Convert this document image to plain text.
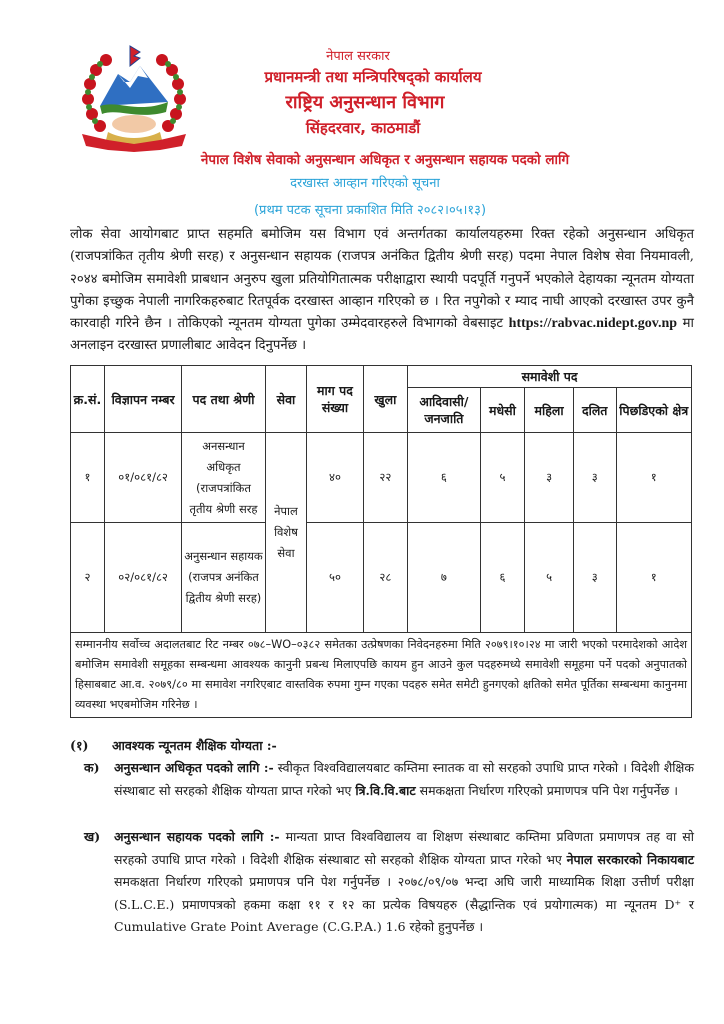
नेपाल सरकार
प्रधानमन्त्री तथा मन्त्रिपरिषद्को कार्यालय
राष्ट्रिय अनुसन्धान विभाग
सिंहदरवार, काठमाडौं
नेपाल विशेष सेवाको अनुसन्धान अधिकृत र अनुसन्धान सहायक पदको लागि
दरखास्त आव्हान गरिएको सूचना
(प्रथम पटक सूचना प्रकाशित मिति २०८२।०५।१३)
लोक सेवा आयोगबाट प्राप्त सहमति बमोजिम यस विभाग एवं अन्तर्गतका कार्यालयहरुमा रिक्त रहेको अनुसन्धान अधिकृत (राजपत्रांकित तृतीय श्रेणी सरह) र अनुसन्धान सहायक (राजपत्र अनंकित द्वितीय श्रेणी सरह) पदमा नेपाल विशेष सेवा नियमावली, २०४४ बमोजिम समावेशी प्राबधान अनुरुप खुला प्रतियोगितात्मक परीक्षाद्वारा स्थायी पदपूर्ति गनुपर्ने भएकोले देहायका न्यूनतम योग्यता पुगेका इच्छुक नेपाली नागरिकहरुबाट रितपूर्वक दरखास्त आव्हान गरिएको छ । रित नपुगेको र म्याद नाघी आएको दरखास्त उपर कुनै कारवाही गरिने छैन । तोकिएको न्यूनतम योग्यता पुगेका उम्मेदवारहरुले विभागको वेबसाइट https://rabvac.nidept.gov.np मा अनलाइन दरखास्त प्रणालीबाट आवेदन दिनुपर्नेछ ।
क्र.सं.	विज्ञापन नम्बर	पद तथा श्रेणी	सेवा	माग पद संख्या	खुला	समावेशी पद				
						आदिवासी/ जनजाति	मधेसी	महिला	दलित	पिछडिएको क्षेत्र
१	०१/०८१/८२	अनसन्धान अधिकृत (राजपत्रांकित तृतीय श्रेणी सरह	नेपाल विशेष सेवा	४०	२२	६	५	३	३	१
२	०२/०८१/८२	अनुसन्धान सहायक (राजपत्र अनंकित द्वितीय श्रेणी सरह)		५०	२८	७	६	५	३	१
सम्माननीय सर्वोच्च अदालतबाट रिट नम्बर ०७८–WO–०३८२ समेतका उत्प्रेषणका निवेदनहरुमा मिति २०७९।१०।२४ मा जारी भएको परमादेशको आदेश बमोजिम समावेशी समूहका सम्बन्धमा आवश्यक कानुनी प्रबन्ध मिलाएपछि कायम हुन आउने कुल पदहरुमध्ये समावेशी समूहमा पर्ने पदको अनुपातको हिसाबबाट आ.व. २०७९/८० मा समावेश नगरिएबाट वास्तविक रुपमा गुम्न गएका पदहरु समेत समेटी हुनगएको क्षतिको समेत पूर्तिका सम्बन्धमा कानुनमा व्यवस्था भएबमोजिम गरिनेछ ।										
(१) आवश्यक न्यूनतम शैक्षिक योग्यता :-
क) अनुसन्धान अधिकृत पदको लागि :- स्वीकृत विश्वविद्यालयबाट कम्तिमा स्नातक वा सो सरहको उपाधि प्राप्त गरेको । विदेशी शैक्षिक संस्थाबाट सो सरहको शैक्षिक योग्यता प्राप्त गरेको भए त्रि.वि.वि.बाट समकक्षता निर्धारण गरिएको प्रमाणपत्र पनि पेश गर्नुपर्नेछ ।
ख) अनुसन्धान सहायक पदको लागि :- मान्यता प्राप्त विश्वविद्यालय वा शिक्षण संस्थाबाट कम्तिमा प्रविणता प्रमाणपत्र तह वा सो सरहको उपाधि प्राप्त गरेको । विदेशी शैक्षिक संस्थाबाट सो सरहको शैक्षिक योग्यता प्राप्त गरेको भए नेपाल सरकारको निकायबाट समकक्षता निर्धारण गरिएको प्रमाणपत्र पनि पेश गर्नुपर्नेछ । २०७८/०९/०७ भन्दा अघि जारी माध्यामिक शिक्षा उत्तीर्ण परीक्षा (S.L.C.E.) प्रमाणपत्रको हकमा कक्षा ११ र १२ का प्रत्येक विषयहरु (सैद्धान्तिक एवं प्रयोगात्मक) मा न्यूनतम D⁺ र Cumulative Grate Point Average (C.G.P.A.) 1.6 रहेको हुनुपर्नेछ ।
